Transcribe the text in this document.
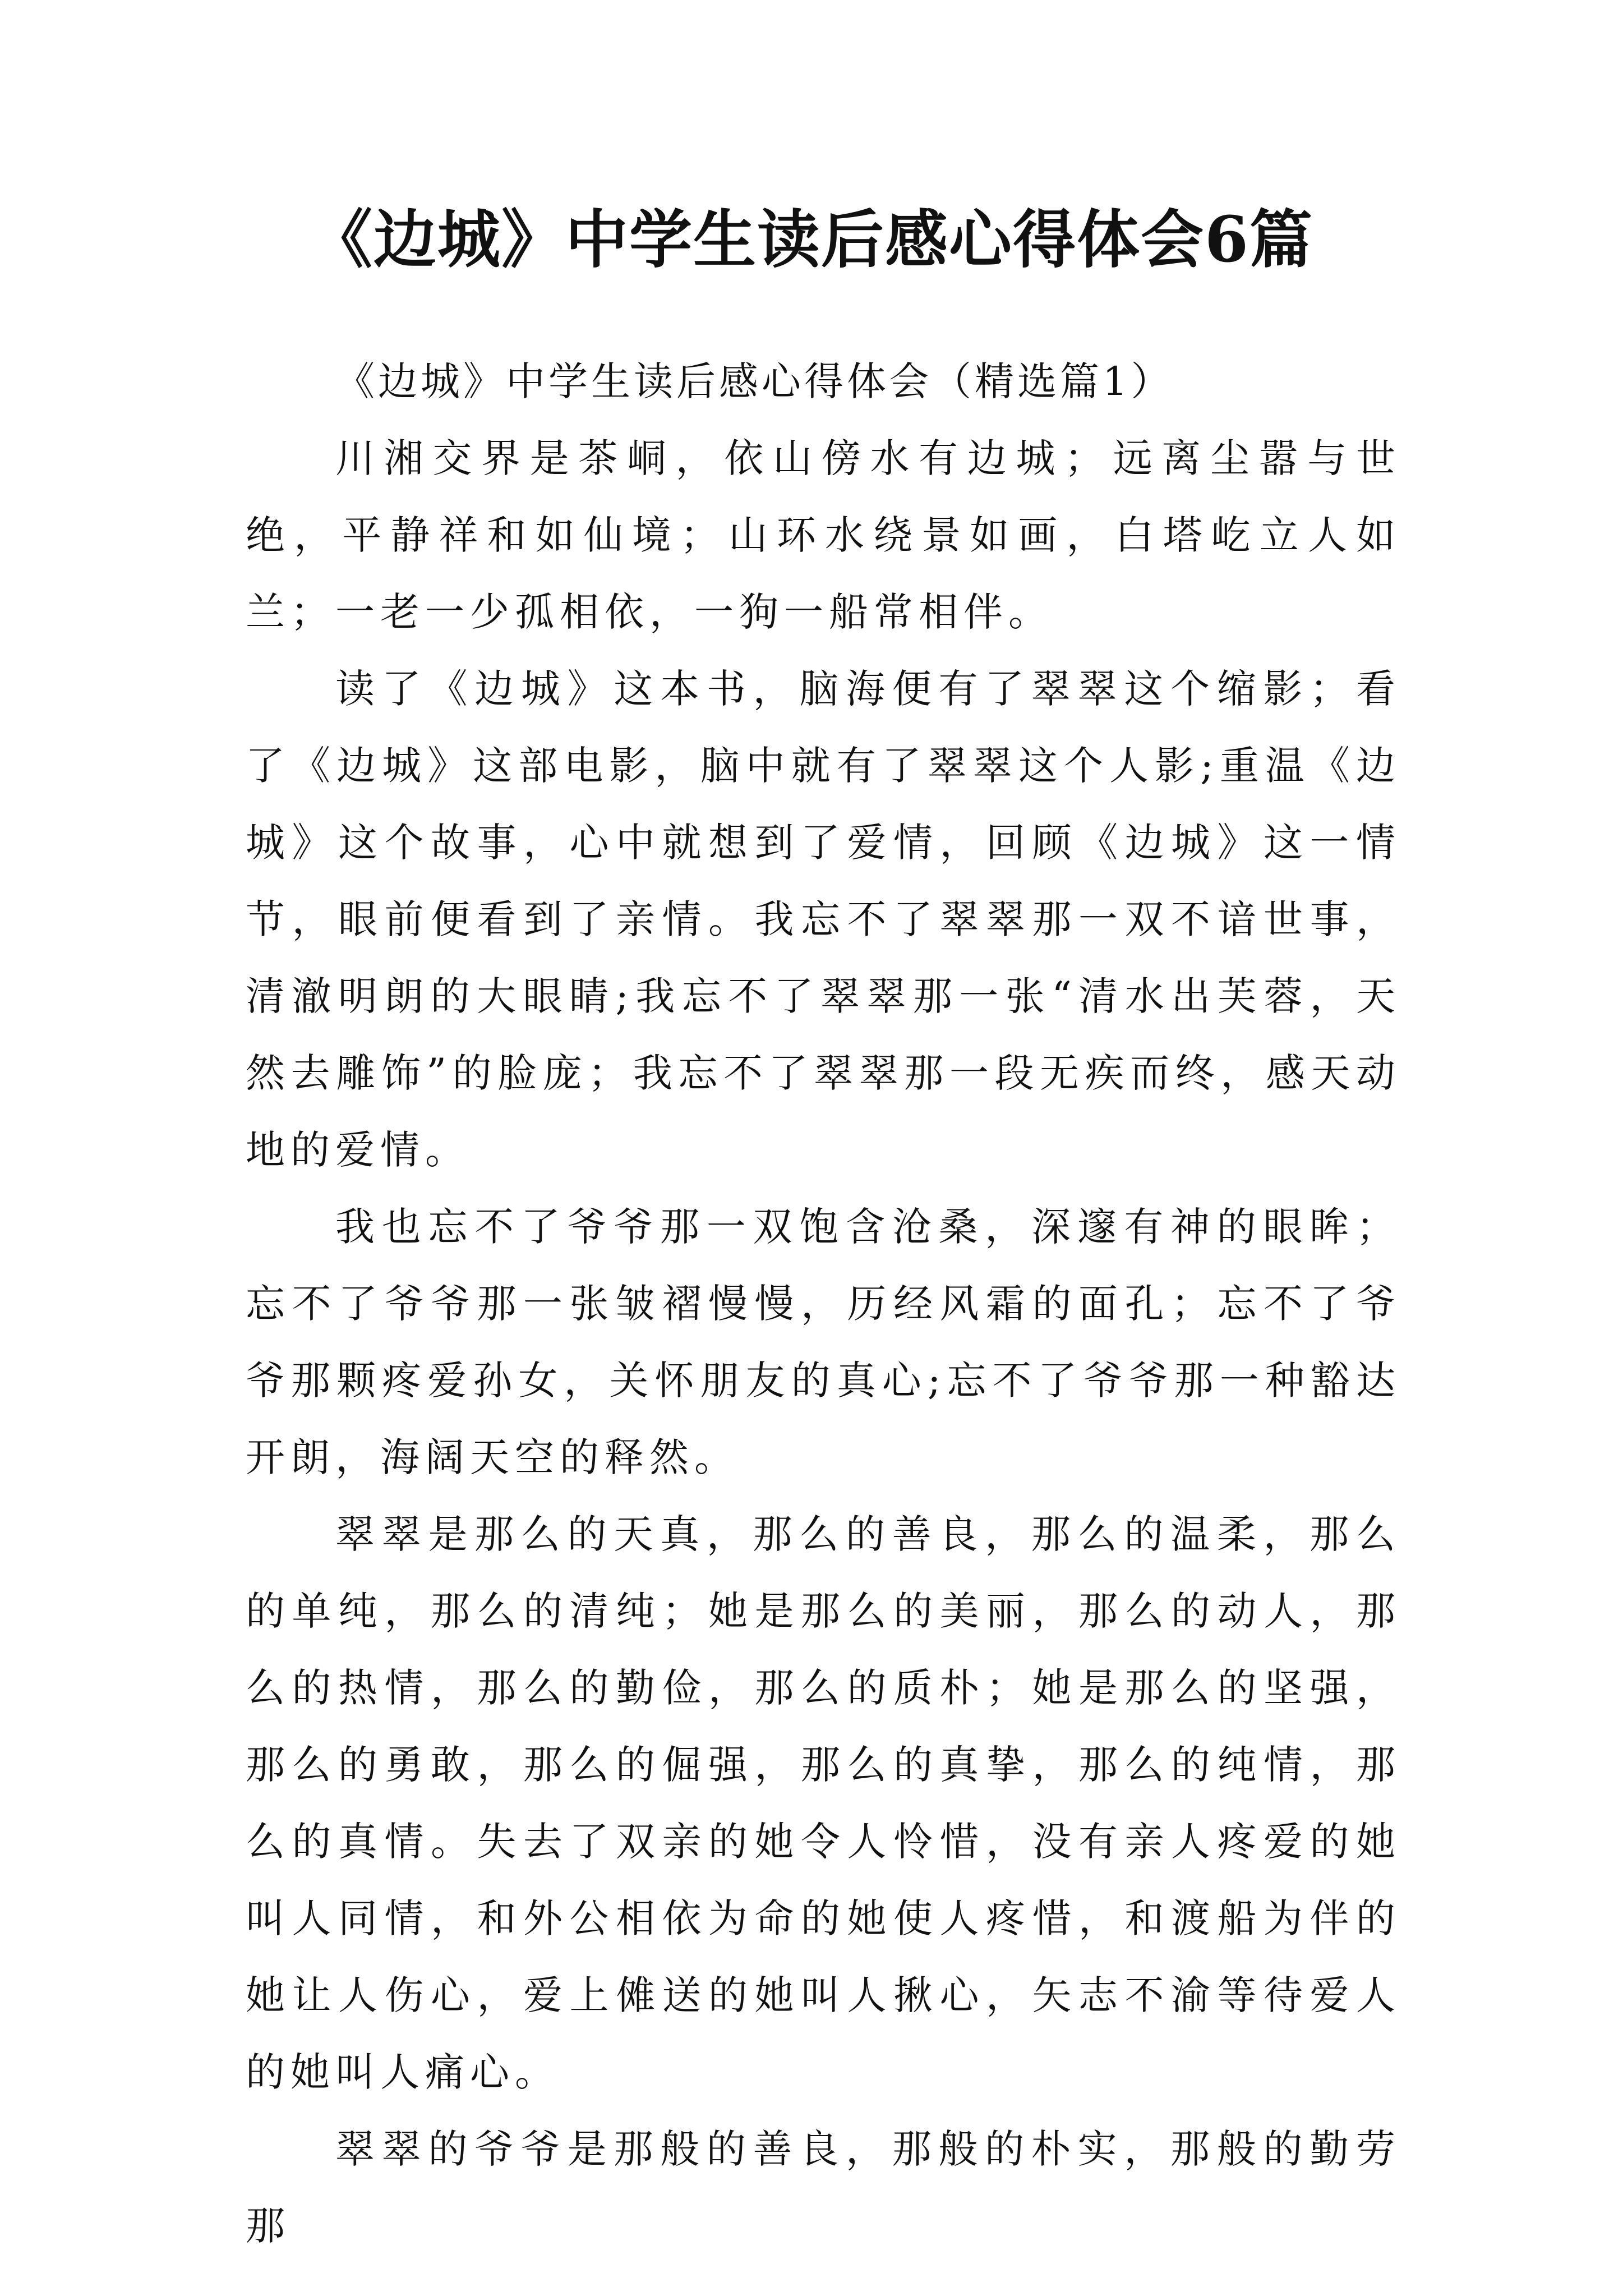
《边城》中学生读后感心得体会6篇

《边城》中学生读后感心得体会（精选篇1）

川湘交界是茶峒，依山傍水有边城；远离尘嚣与世绝，平静祥和如仙境；山环水绕景如画，白塔屹立人如兰；一老一少孤相依，一狗一船常相伴。

读了《边城》这本书，脑海便有了翠翠这个缩影；看了《边城》这部电影，脑中就有了翠翠这个人影;重温《边城》这个故事，心中就想到了爱情，回顾《边城》这一情节，眼前便看到了亲情。我忘不了翠翠那一双不谙世事，清澈明朗的大眼睛;我忘不了翠翠那一张“清水出芙蓉，天然去雕饰”的脸庞；我忘不了翠翠那一段无疾而终，感天动地的爱情。

我也忘不了爷爷那一双饱含沧桑，深邃有神的眼眸；忘不了爷爷那一张皱褶慢慢，历经风霜的面孔；忘不了爷爷那颗疼爱孙女，关怀朋友的真心;忘不了爷爷那一种豁达开朗，海阔天空的释然。

翠翠是那么的天真，那么的善良，那么的温柔，那么的单纯，那么的清纯；她是那么的美丽，那么的动人，那么的热情，那么的勤俭，那么的质朴；她是那么的坚强，那么的勇敢，那么的倔强，那么的真挚，那么的纯情，那么的真情。失去了双亲的她令人怜惜，没有亲人疼爱的她叫人同情，和外公相依为命的她使人疼惜，和渡船为伴的她让人伤心，爱上傩送的她叫人揪心，矢志不渝等待爱人的她叫人痛心。

翠翠的爷爷是那般的善良，那般的朴实，那般的勤劳那
